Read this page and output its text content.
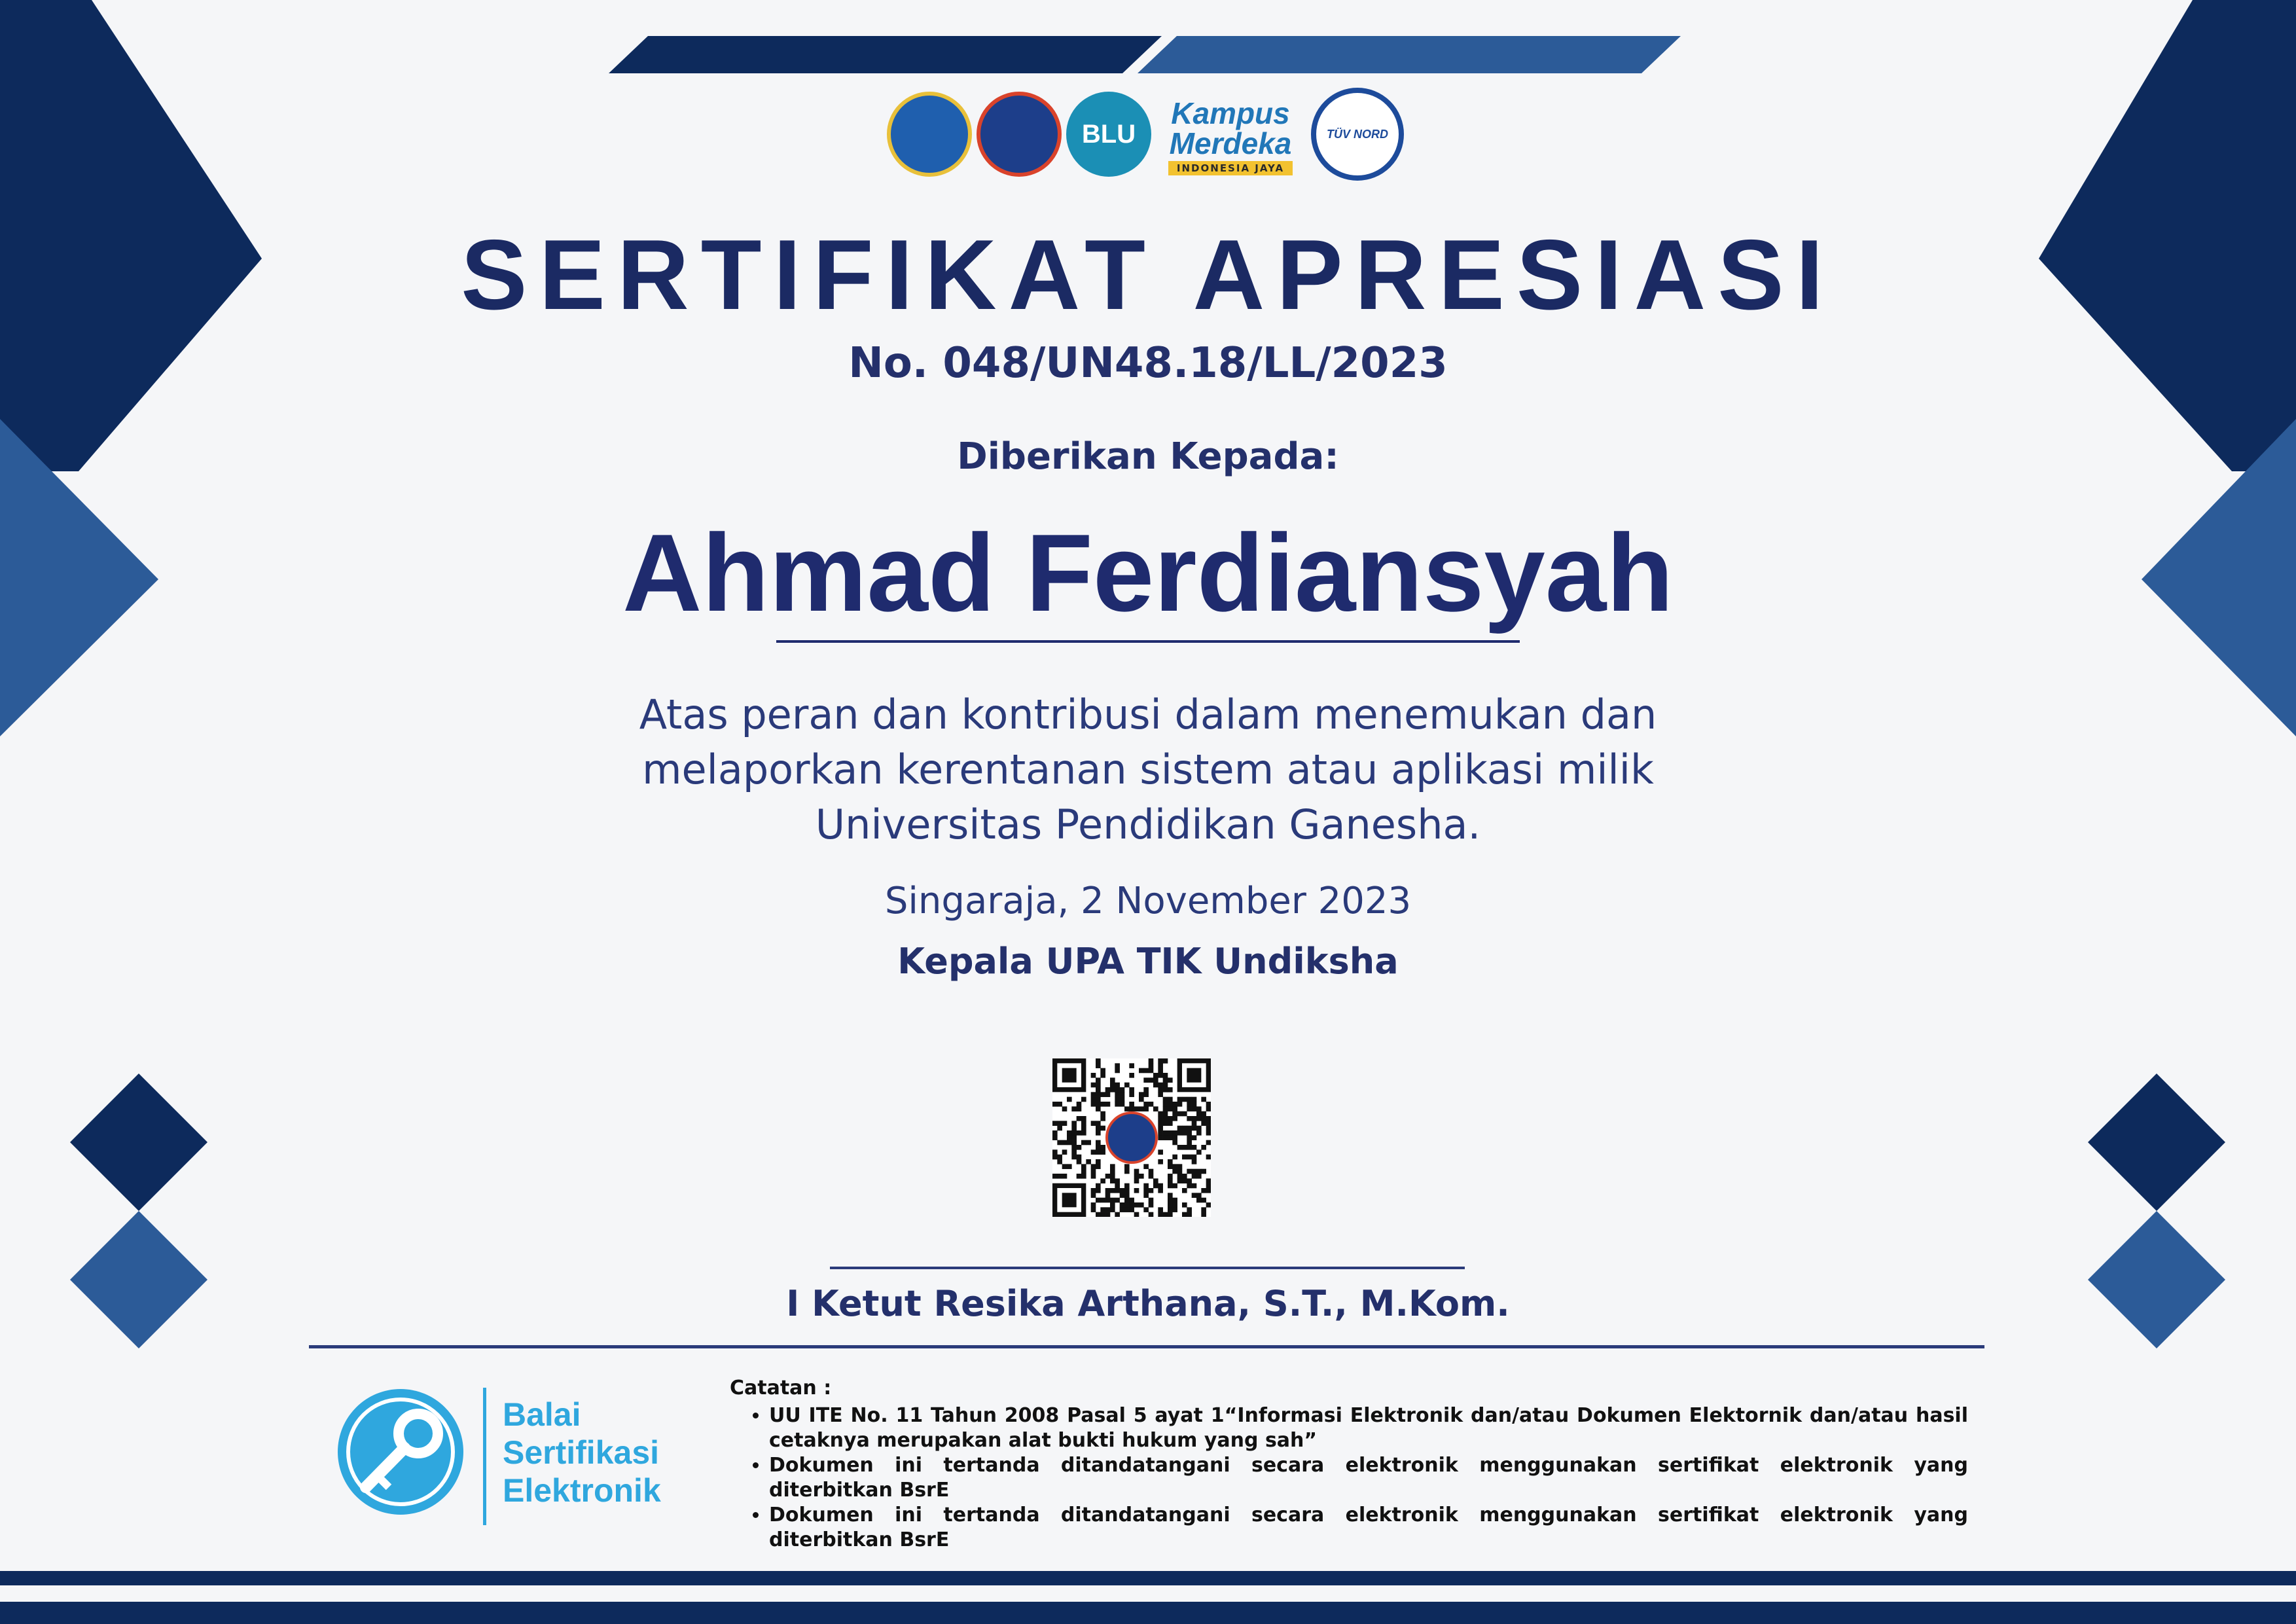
BLU
Kampus
Merdeka
INDONESIA JAYA
TÜV NORD
SERTIFIKAT APRESIASI
No. 048/UN48.18/LL/2023
Diberikan Kepada:
Ahmad Ferdiansyah
Atas peran dan kontribusi dalam menemukan dan
melaporkan kerentanan sistem atau aplikasi milik
Universitas Pendidikan Ganesha.
Singaraja, 2 November 2023
Kepala UPA TIK Undiksha
I Ketut Resika Arthana, S.T., M.Kom.
Balai
Sertifikasi
Elektronik
Catatan :
• UU ITE No. 11 Tahun 2008 Pasal 5 ayat 1“Informasi Elektronik dan/atau Dokumen Elektornik dan/atau hasil cetaknya merupakan alat bukti hukum yang sah”
• Dokumen ini tertanda ditandatangani secara elektronik menggunakan sertifikat elektronik yang diterbitkan BsrE
• Dokumen ini tertanda ditandatangani secara elektronik menggunakan sertifikat elektronik yang diterbitkan BsrE
